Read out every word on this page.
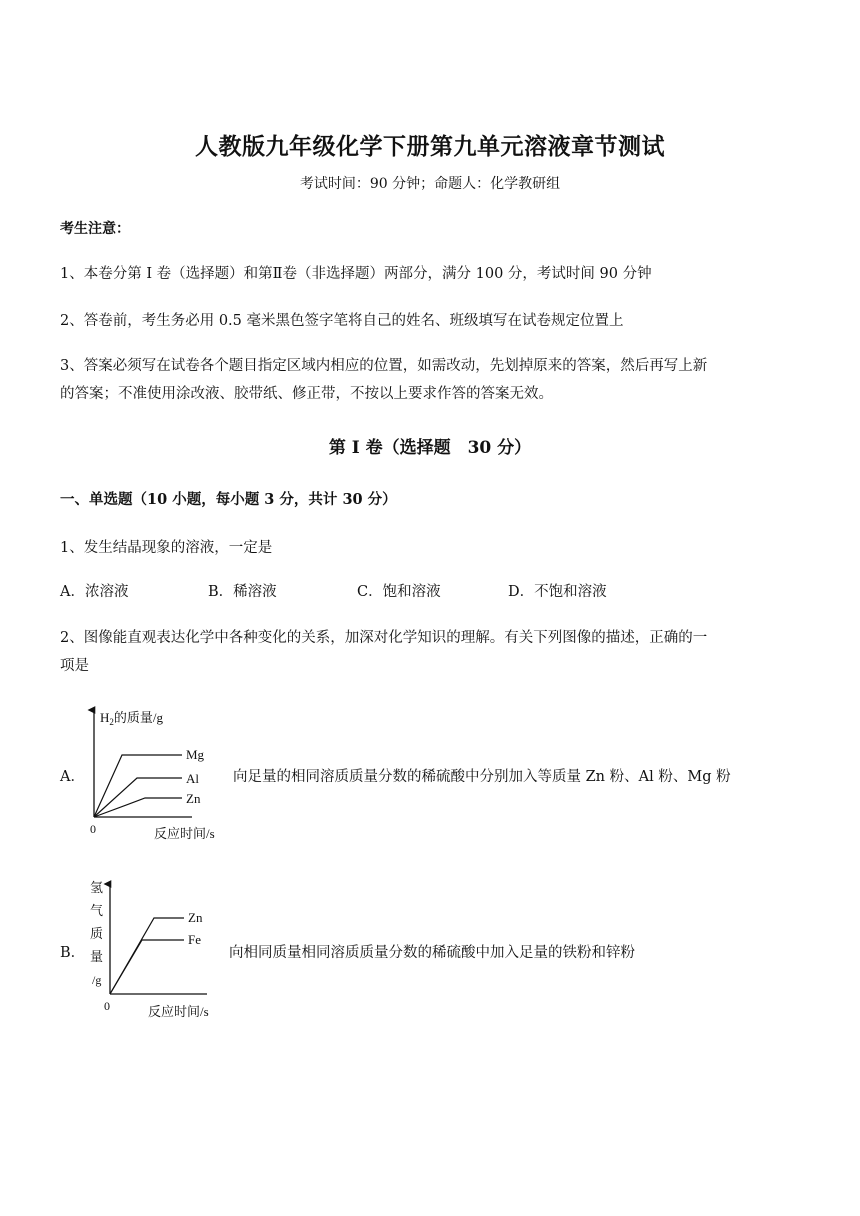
人教版九年级化学下册第九单元溶液章节测试
考试时间：90 分钟；命题人：化学教研组
考生注意：
1、本卷分第 I 卷（选择题）和第Ⅱ卷（非选择题）两部分，满分 100 分，考试时间 90 分钟
2、答卷前，考生务必用 0.5 毫米黑色签字笔将自己的姓名、班级填写在试卷规定位置上
3、答案必须写在试卷各个题目指定区域内相应的位置，如需改动，先划掉原来的答案，然后再写上新
的答案；不准使用涂改液、胶带纸、修正带，不按以上要求作答的答案无效。
第 I 卷（选择题　30 分）
一、单选题（10 小题，每小题 3 分，共计 30 分）
1、发生结晶现象的溶液，一定是
A．浓溶液	B．稀溶液	C．饱和溶液	D．不饱和溶液
2、图像能直观表达化学中各种变化的关系，加深对化学知识的理解。有关下列图像的描述，正确的一
项是
A．
$H_2$的质量/g
Mg
Al
Zn
0	反应时间/s
向足量的相同溶质质量分数的稀硫酸中分别加入等质量 Zn 粉、Al 粉、Mg 粉
B．
氢
气
质
量
/g
Zn
Fe
0	反应时间/s
向相同质量相同溶质质量分数的稀硫酸中加入足量的铁粉和锌粉
